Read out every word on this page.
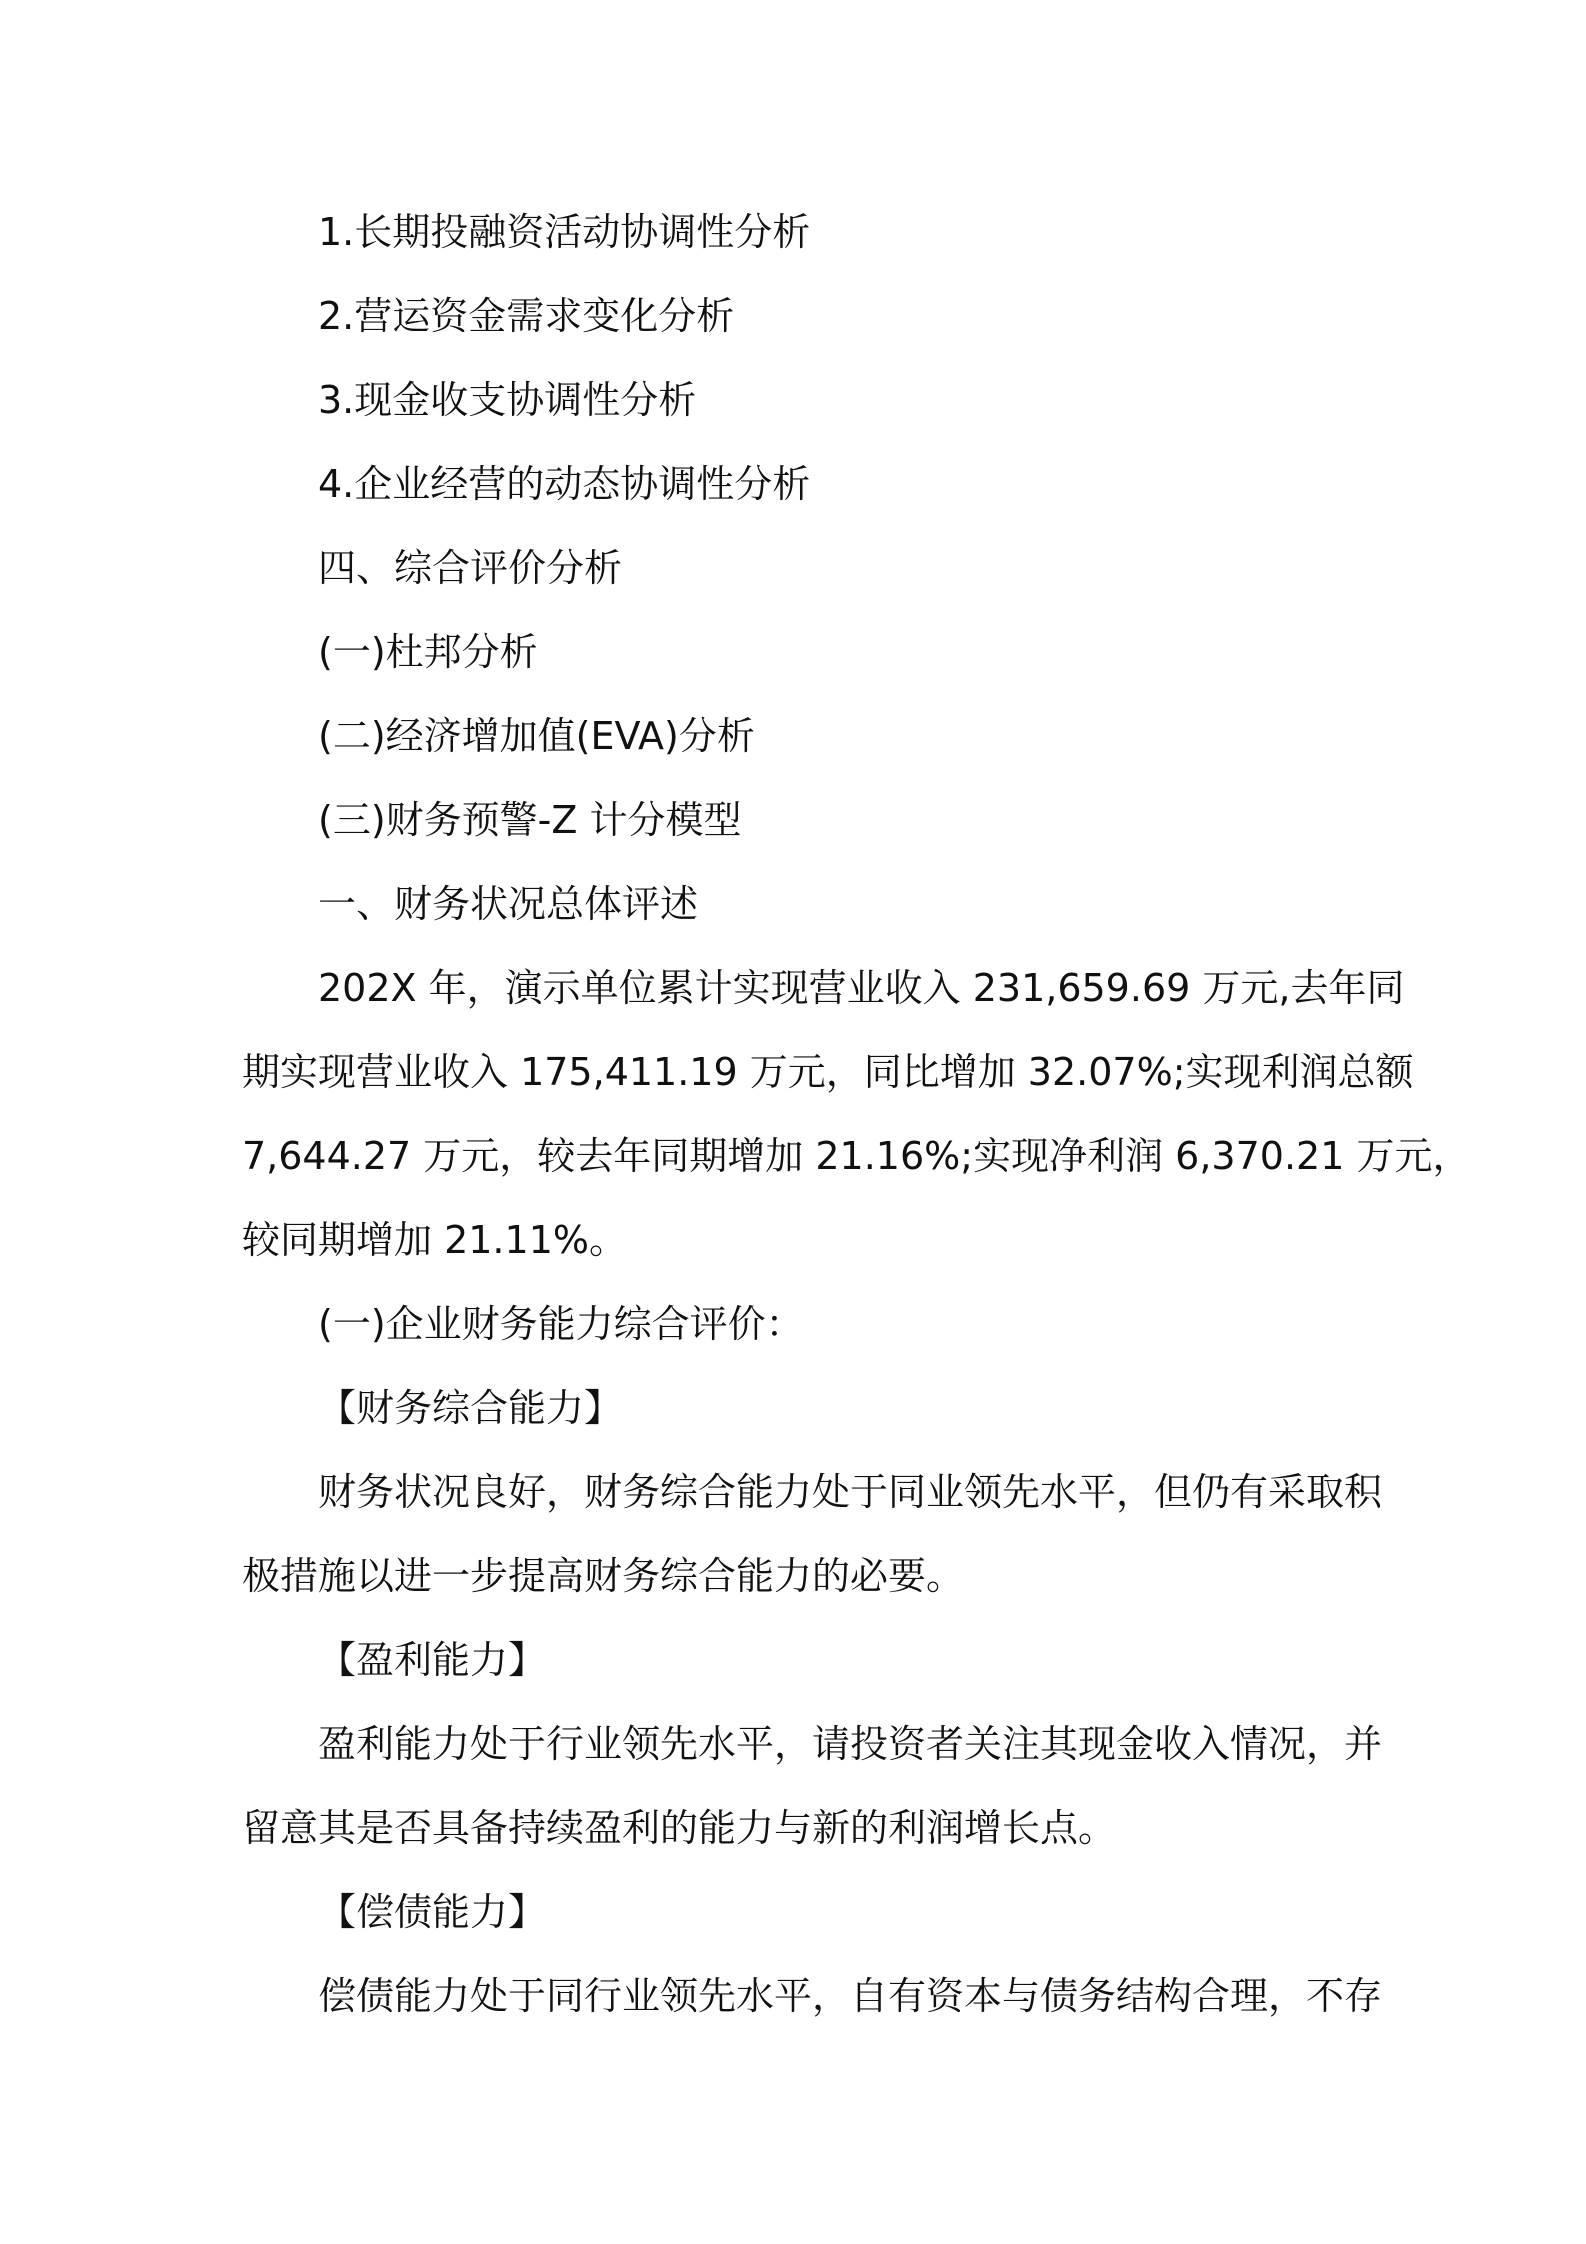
1.长期投融资活动协调性分析
2.营运资金需求变化分析
3.现金收支协调性分析
4.企业经营的动态协调性分析
四、综合评价分析
(一)杜邦分析
(二)经济增加值(EVA)分析
(三)财务预警-Z 计分模型
一、财务状况总体评述
202X 年，演示单位累计实现营业收入 231,659.69 万元,去年同
期实现营业收入 175,411.19 万元，同比增加 32.07%;实现利润总额
7,644.27 万元，较去年同期增加 21.16%;实现净利润 6,370.21 万元，
较同期增加 21.11%。
(一)企业财务能力综合评价：
【财务综合能力】
财务状况良好，财务综合能力处于同业领先水平，但仍有采取积
极措施以进一步提高财务综合能力的必要。
【盈利能力】
盈利能力处于行业领先水平，请投资者关注其现金收入情况，并
留意其是否具备持续盈利的能力与新的利润增长点。
【偿债能力】
偿债能力处于同行业领先水平，自有资本与债务结构合理，不存
